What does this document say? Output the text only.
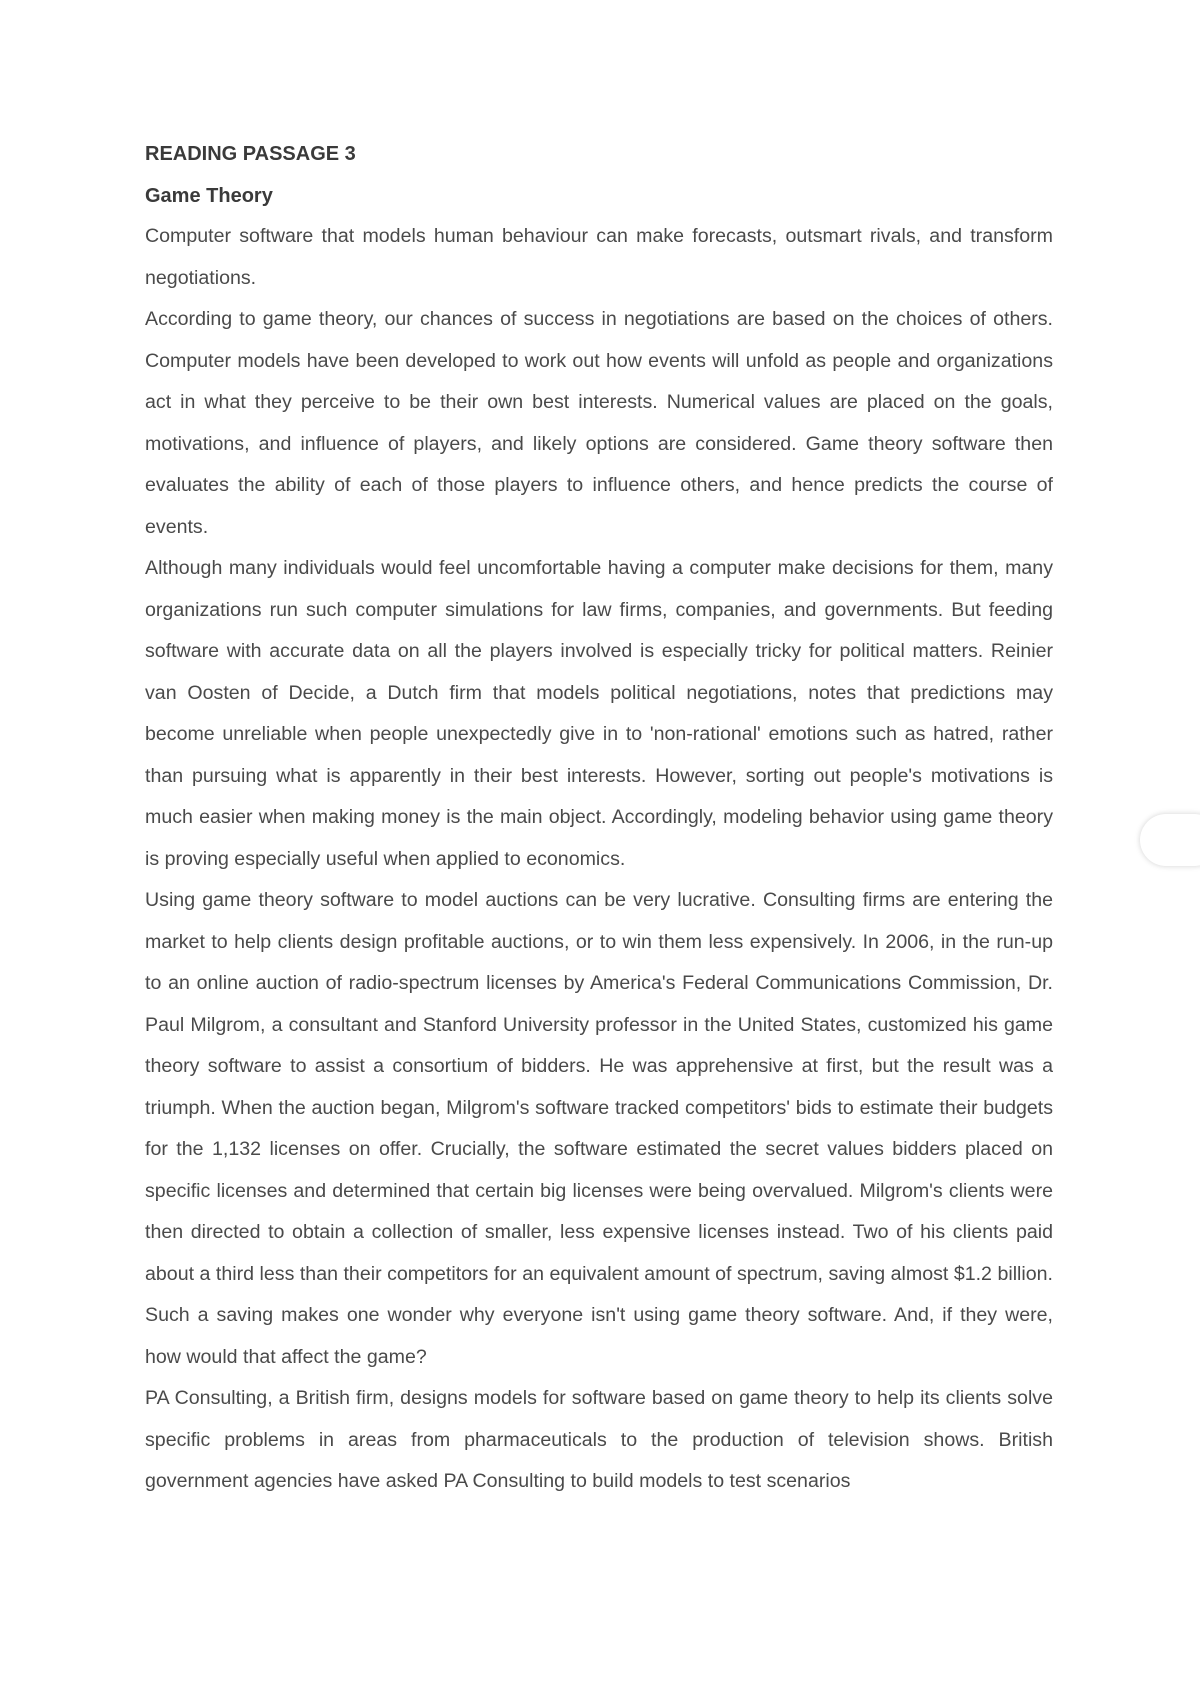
READING PASSAGE 3
Game Theory

Computer software that models human behaviour can make forecasts, outsmart rivals, and transform negotiations.

According to game theory, our chances of success in negotiations are based on the choices of others. Computer models have been developed to work out how events will unfold as people and organizations act in what they perceive to be their own best interests. Numerical values are placed on the goals, motivations, and influence of players, and likely options are considered. Game theory software then evaluates the ability of each of those players to influence others, and hence predicts the course of events.

Although many individuals would feel uncomfortable having a computer make decisions for them, many organizations run such computer simulations for law firms, companies, and governments. But feeding software with accurate data on all the players involved is especially tricky for political matters. Reinier van Oosten of Decide, a Dutch firm that models political negotiations, notes that predictions may become unreliable when people unexpectedly give in to 'non-rational' emotions such as hatred, rather than pursuing what is apparently in their best interests. However, sorting out people's motivations is much easier when making money is the main object. Accordingly, modeling behavior using game theory is proving especially useful when applied to economics.

Using game theory software to model auctions can be very lucrative. Consulting firms are entering the market to help clients design profitable auctions, or to win them less expensively. In 2006, in the run-up to an online auction of radio-spectrum licenses by America's Federal Communications Commission, Dr. Paul Milgrom, a consultant and Stanford University professor in the United States, customized his game theory software to assist a consortium of bidders. He was apprehensive at first, but the result was a triumph. When the auction began, Milgrom's software tracked competitors' bids to estimate their budgets for the 1,132 licenses on offer. Crucially, the software estimated the secret values bidders placed on specific licenses and determined that certain big licenses were being overvalued. Milgrom's clients were then directed to obtain a collection of smaller, less expensive licenses instead. Two of his clients paid about a third less than their competitors for an equivalent amount of spectrum, saving almost $1.2 billion. Such a saving makes one wonder why everyone isn't using game theory software. And, if they were, how would that affect the game?

PA Consulting, a British firm, designs models for software based on game theory to help its clients solve specific problems in areas from pharmaceuticals to the production of television shows. British government agencies have asked PA Consulting to build models to test scenarios
